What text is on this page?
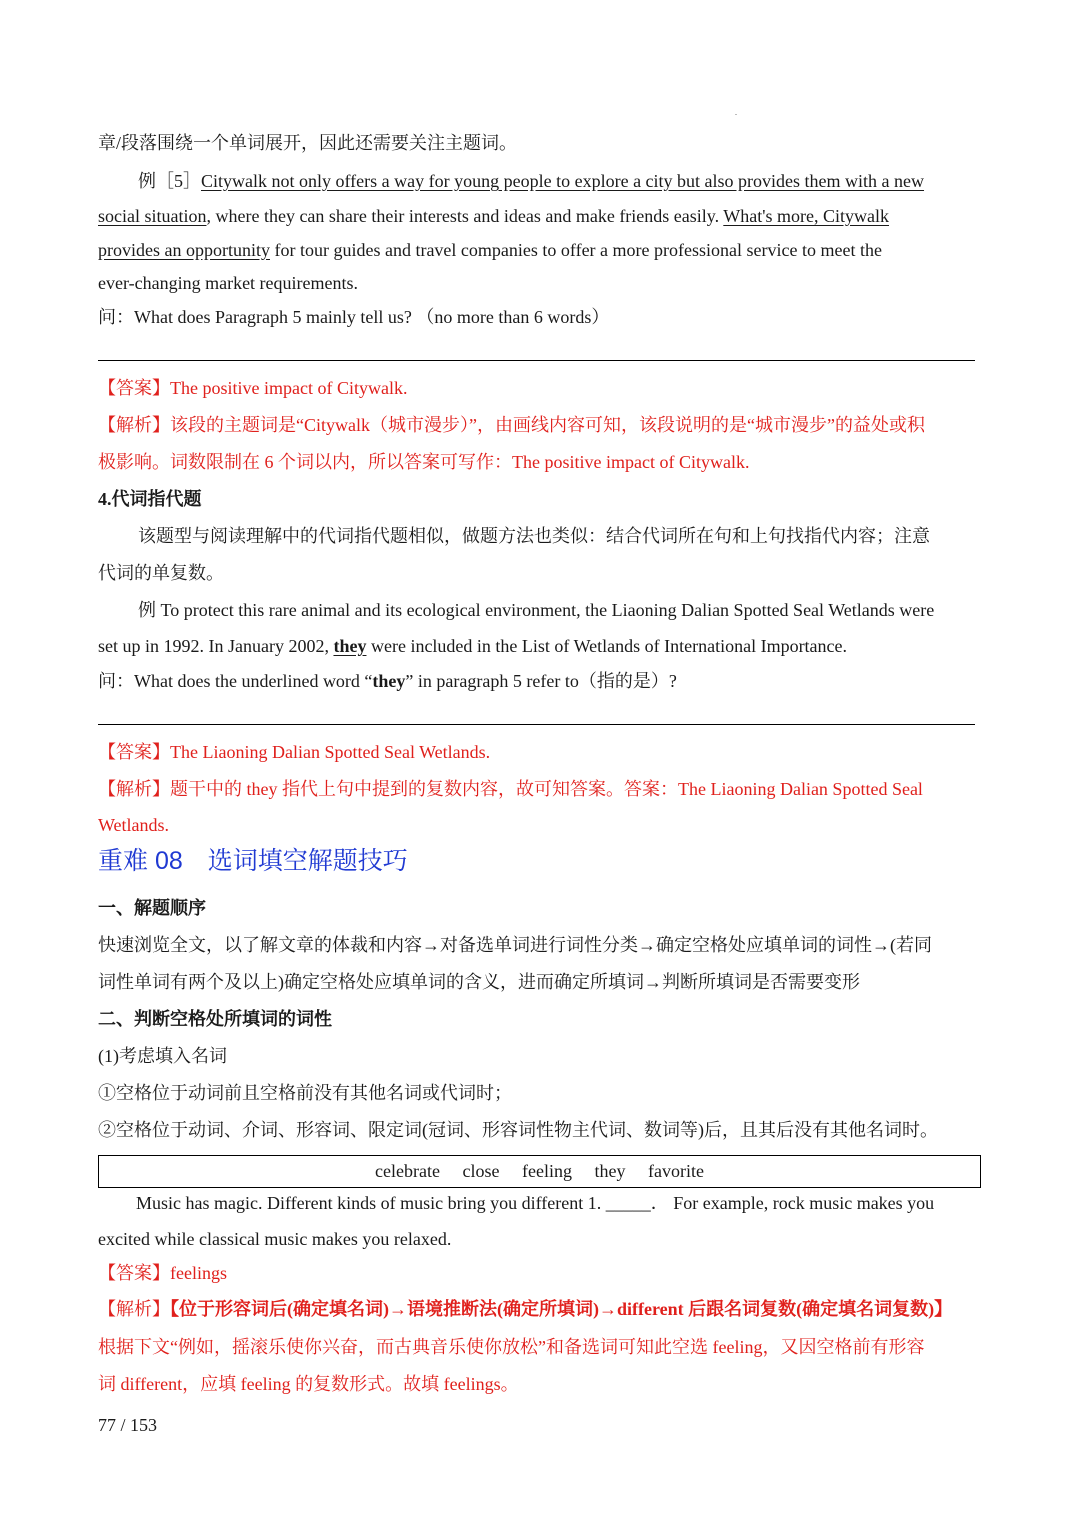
章/段落围绕一个单词展开，因此还需要关注主题词。
例［5］Citywalk not only offers a way for young people to explore a city but also provides them with a new
social situation, where they can share their interests and ideas and make friends easily. What's more, Citywalk
provides an opportunity for tour guides and travel companies to offer a more professional service to meet the
ever-changing market requirements.
问：What does Paragraph 5 mainly tell us? （no more than 6 words）
【答案】The positive impact of Citywalk.
【解析】该段的主题词是“Citywalk（城市漫步）”，由画线内容可知，该段说明的是“城市漫步”的益处或积
极影响。词数限制在 6 个词以内，所以答案可写作：The positive impact of Citywalk.
4.代词指代题
该题型与阅读理解中的代词指代题相似，做题方法也类似：结合代词所在句和上句找指代内容；注意
代词的单复数。
例 To protect this rare animal and its ecological environment, the Liaoning Dalian Spotted Seal Wetlands were
set up in 1992. In January 2002, they were included in the List of Wetlands of International Importance.
问：What does the underlined word “they” in paragraph 5 refer to（指的是）?
【答案】The Liaoning Dalian Spotted Seal Wetlands.
【解析】题干中的 they 指代上句中提到的复数内容，故可知答案。答案：The Liaoning Dalian Spotted Seal
Wetlands.
重难 08　选词填空解题技巧
一、解题顺序
快速浏览全文，以了解文章的体裁和内容→对备选单词进行词性分类→确定空格处应填单词的词性→(若同
词性单词有两个及以上)确定空格处应填单词的含义，进而确定所填词→判断所填词是否需要变形
二、判断空格处所填词的词性
(1)考虑填入名词
①空格位于动词前且空格前没有其他名词或代词时；
②空格位于动词、介词、形容词、限定词(冠词、形容词性物主代词、数词等)后，且其后没有其他名词时。
celebrate close feeling they favorite
Music has magic. Different kinds of music bring you different 1. _____． For example, rock music makes you
excited while classical music makes you relaxed.
【答案】feelings
【解析】【位于形容词后(确定填名词)→语境推断法(确定所填词)→different 后跟名词复数(确定填名词复数)】
根据下文“例如，摇滚乐使你兴奋，而古典音乐使你放松”和备选词可知此空选 feeling，又因空格前有形容
词 different，应填 feeling 的复数形式。故填 feelings。
77 / 153
